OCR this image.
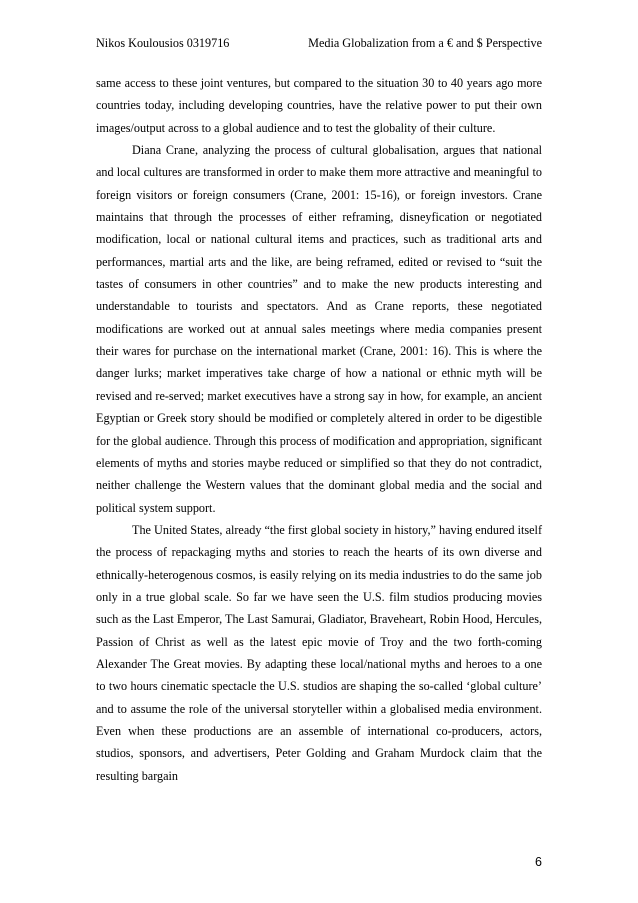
Nikos Koulousios 0319716	Media Globalization from a € and $ Perspective

same access to these joint ventures, but compared to the situation 30 to 40 years ago more countries today, including developing countries, have the relative power to put their own images/output across to a global audience and to test the globality of their culture.

Diana Crane, analyzing the process of cultural globalisation, argues that national and local cultures are transformed in order to make them more attractive and meaningful to foreign visitors or foreign consumers (Crane, 2001: 15-16), or foreign investors. Crane maintains that through the processes of either reframing, disneyfication or negotiated modification, local or national cultural items and practices, such as traditional arts and performances, martial arts and the like, are being reframed, edited or revised to “suit the tastes of consumers in other countries” and to make the new products interesting and understandable to tourists and spectators. And as Crane reports, these negotiated modifications are worked out at annual sales meetings where media companies present their wares for purchase on the international market (Crane, 2001: 16). This is where the danger lurks; market imperatives take charge of how a national or ethnic myth will be revised and re-served; market executives have a strong say in how, for example, an ancient Egyptian or Greek story should be modified or completely altered in order to be digestible for the global audience. Through this process of modification and appropriation, significant elements of myths and stories maybe reduced or simplified so that they do not contradict, neither challenge the Western values that the dominant global media and the social and political system support.

The United States, already “the first global society in history,” having endured itself the process of repackaging myths and stories to reach the hearts of its own diverse and ethnically-heterogenous cosmos, is easily relying on its media industries to do the same job only in a true global scale. So far we have seen the U.S. film studios producing movies such as the Last Emperor, The Last Samurai, Gladiator, Braveheart, Robin Hood, Hercules, Passion of Christ as well as the latest epic movie of Troy and the two forth-coming Alexander The Great movies. By adapting these local/national myths and heroes to a one to two hours cinematic spectacle the U.S. studios are shaping the so-called ‘global culture’ and to assume the role of the universal storyteller within a globalised media environment. Even when these productions are an assemble of international co-producers, actors, studios, sponsors, and advertisers, Peter Golding and Graham Murdock claim that the resulting bargain

6
